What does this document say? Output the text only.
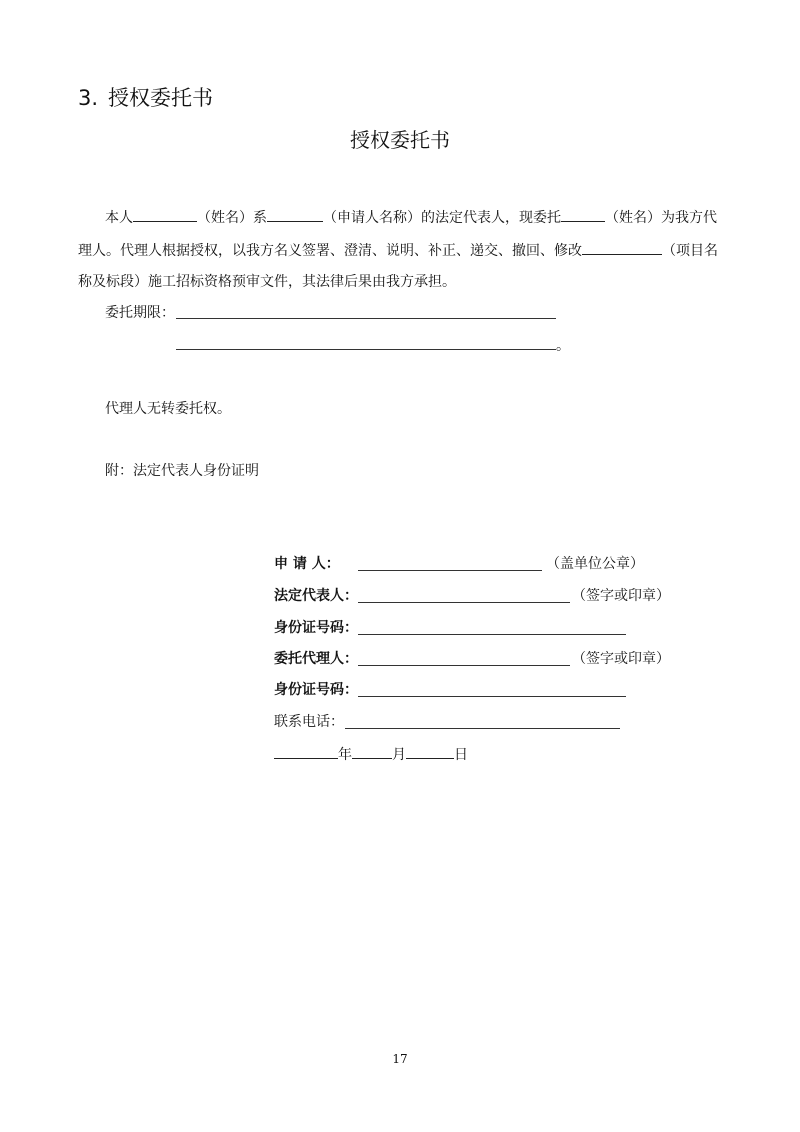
3. 授权委托书
授权委托书
本人	（姓名）系	（申请人名称）的法定代表人，现委托	（姓名）为我方代
理人。代理人根据授权，以我方名义签署、澄清、说明、补正、递交、撤回、修改	（项目名
称及标段）施工招标资格预审文件，其法律后果由我方承担。
委托期限：
。
代理人无转委托权。
附：法定代表人身份证明
申 请 人：	（盖单位公章）
法定代表人：	（签字或印章）
身份证号码：
委托代理人：	（签字或印章）
身份证号码：
联系电话：
年	月	日
17
